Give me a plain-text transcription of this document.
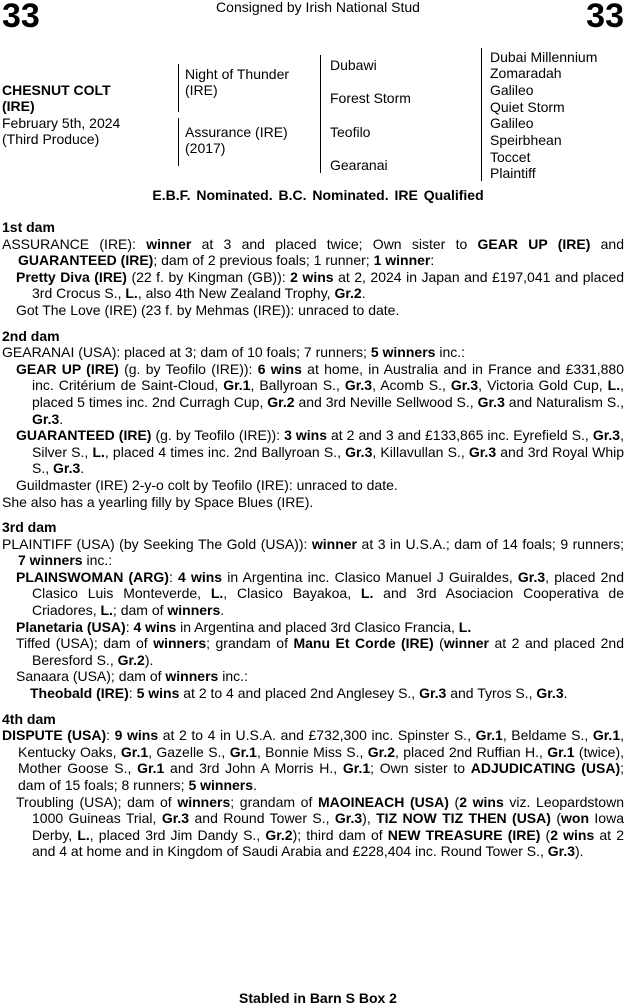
33	33
Consigned by Irish National Stud
CHESNUT COLT
(IRE)
February 5th, 2024
(Third Produce)
Night of Thunder
(IRE)
Assurance (IRE)
(2017)
Dubawi
Forest Storm
Teofilo
Gearanai
Dubai Millennium
Zomaradah
Galileo
Quiet Storm
Galileo
Speirbhean
Toccet
Plaintiff
E.B.F. Nominated. B.C. Nominated. IRE Qualified
1st dam
ASSURANCE (IRE): winner at 3 and placed twice; Own sister to GEAR UP (IRE) and GUARANTEED (IRE); dam of 2 previous foals; 1 runner; 1 winner:
Pretty Diva (IRE) (22 f. by Kingman (GB)): 2 wins at 2, 2024 in Japan and £197,041 and placed 3rd Crocus S., L., also 4th New Zealand Trophy, Gr.2.
Got The Love (IRE) (23 f. by Mehmas (IRE)): unraced to date.
2nd dam
GEARANAI (USA): placed at 3; dam of 10 foals; 7 runners; 5 winners inc.:
GEAR UP (IRE) (g. by Teofilo (IRE)): 6 wins at home, in Australia and in France and £331,880 inc. Critérium de Saint-Cloud, Gr.1, Ballyroan S., Gr.3, Acomb S., Gr.3, Victoria Gold Cup, L., placed 5 times inc. 2nd Curragh Cup, Gr.2 and 3rd Neville Sellwood S., Gr.3 and Naturalism S., Gr.3.
GUARANTEED (IRE) (g. by Teofilo (IRE)): 3 wins at 2 and 3 and £133,865 inc. Eyrefield S., Gr.3, Silver S., L., placed 4 times inc. 2nd Ballyroan S., Gr.3, Killavullan S., Gr.3 and 3rd Royal Whip S., Gr.3.
Guildmaster (IRE) 2-y-o colt by Teofilo (IRE): unraced to date.
She also has a yearling filly by Space Blues (IRE).
3rd dam
PLAINTIFF (USA) (by Seeking The Gold (USA)): winner at 3 in U.S.A.; dam of 14 foals; 9 runners; 7 winners inc.:
PLAINSWOMAN (ARG): 4 wins in Argentina inc. Clasico Manuel J Guiraldes, Gr.3, placed 2nd Clasico Luis Monteverde, L., Clasico Bayakoa, L. and 3rd Asociacion Cooperativa de Criadores, L.; dam of winners.
Planetaria (USA): 4 wins in Argentina and placed 3rd Clasico Francia, L.
Tiffed (USA); dam of winners; grandam of Manu Et Corde (IRE) (winner at 2 and placed 2nd Beresford S., Gr.2).
Sanaara (USA); dam of winners inc.:
Theobald (IRE): 5 wins at 2 to 4 and placed 2nd Anglesey S., Gr.3 and Tyros S., Gr.3.
4th dam
DISPUTE (USA): 9 wins at 2 to 4 in U.S.A. and £732,300 inc. Spinster S., Gr.1, Beldame S., Gr.1, Kentucky Oaks, Gr.1, Gazelle S., Gr.1, Bonnie Miss S., Gr.2, placed 2nd Ruffian H., Gr.1 (twice), Mother Goose S., Gr.1 and 3rd John A Morris H., Gr.1; Own sister to ADJUDICATING (USA); dam of 15 foals; 8 runners; 5 winners.
Troubling (USA); dam of winners; grandam of MAOINEACH (USA) (2 wins viz. Leopardstown 1000 Guineas Trial, Gr.3 and Round Tower S., Gr.3), TIZ NOW TIZ THEN (USA) (won Iowa Derby, L., placed 3rd Jim Dandy S., Gr.2); third dam of NEW TREASURE (IRE) (2 wins at 2 and 4 at home and in Kingdom of Saudi Arabia and £228,404 inc. Round Tower S., Gr.3).
Stabled in Barn S Box 2
